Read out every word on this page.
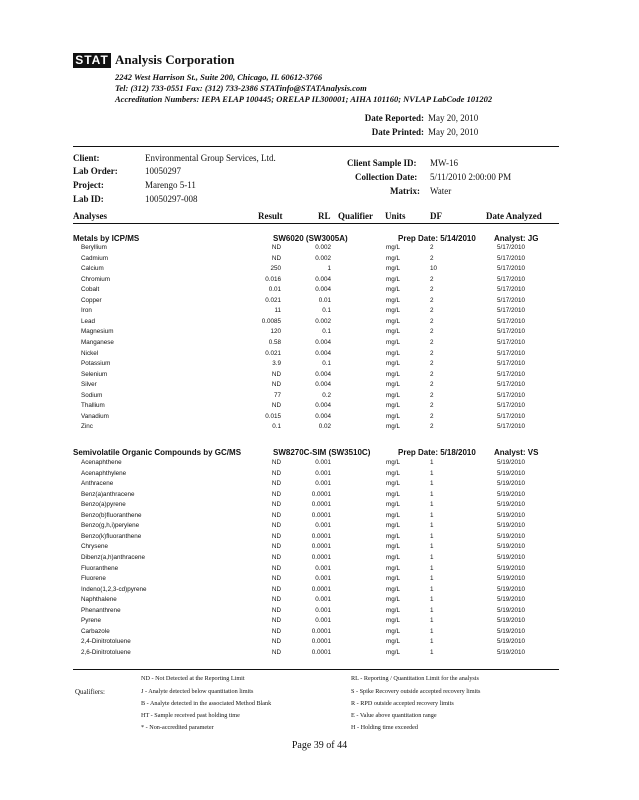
STAT Analysis Corporation
2242 West Harrison St., Suite 200, Chicago, IL 60612-3766
Tel: (312) 733-0551 Fax: (312) 733-2386 STATinfo@STATAnalysis.com
Accreditation Numbers: IEPA ELAP 100445; ORELAP IL300001; AIHA 101160; NVLAP LabCode 101202
Date Reported: May 20, 2010
Date Printed: May 20, 2010
Client:	Environmental Group Services, Ltd.
Lab Order:	10050297
Project:	Marengo 5-11
Lab ID:	10050297-008
Client Sample ID: MW-16
Collection Date: 5/11/2010 2:00:00 PM
Matrix: Water
Analyses	Result	RL Qualifier Units	DF	Date Analyzed
Metals by ICP/MS	SW6020 (SW3005A)	Prep Date: 5/14/2010 Analyst: JG
Beryllium	ND	0.002	mg/L	2	5/17/2010
Cadmium	ND	0.002	mg/L	2	5/17/2010
Calcium	250	1	mg/L	10	5/17/2010
Chromium	0.016	0.004	mg/L	2	5/17/2010
Cobalt	0.01	0.004	mg/L	2	5/17/2010
Copper	0.021	0.01	mg/L	2	5/17/2010
Iron	11	0.1	mg/L	2	5/17/2010
Lead	0.0085	0.002	mg/L	2	5/17/2010
Magnesium	120	0.1	mg/L	2	5/17/2010
Manganese	0.58	0.004	mg/L	2	5/17/2010
Nickel	0.021	0.004	mg/L	2	5/17/2010
Potassium	3.9	0.1	mg/L	2	5/17/2010
Selenium	ND	0.004	mg/L	2	5/17/2010
Silver	ND	0.004	mg/L	2	5/17/2010
Sodium	77	0.2	mg/L	2	5/17/2010
Thallium	ND	0.004	mg/L	2	5/17/2010
Vanadium	0.015	0.004	mg/L	2	5/17/2010
Zinc	0.1	0.02	mg/L	2	5/17/2010
Semivolatile Organic Compounds by GC/MS	SW8270C-SIM (SW3510C)	Prep Date: 5/18/2010 Analyst: VS
Acenaphthene	ND	0.001	mg/L	1	5/19/2010
Acenaphthylene	ND	0.001	mg/L	1	5/19/2010
Anthracene	ND	0.001	mg/L	1	5/19/2010
Benz(a)anthracene	ND	0.0001	mg/L	1	5/19/2010
Benzo(a)pyrene	ND	0.0001	mg/L	1	5/19/2010
Benzo(b)fluoranthene	ND	0.0001	mg/L	1	5/19/2010
Benzo(g,h,i)perylene	ND	0.001	mg/L	1	5/19/2010
Benzo(k)fluoranthene	ND	0.0001	mg/L	1	5/19/2010
Chrysene	ND	0.0001	mg/L	1	5/19/2010
Dibenz(a,h)anthracene	ND	0.0001	mg/L	1	5/19/2010
Fluoranthene	ND	0.001	mg/L	1	5/19/2010
Fluorene	ND	0.001	mg/L	1	5/19/2010
Indeno(1,2,3-cd)pyrene	ND	0.0001	mg/L	1	5/19/2010
Naphthalene	ND	0.001	mg/L	1	5/19/2010
Phenanthrene	ND	0.001	mg/L	1	5/19/2010
Pyrene	ND	0.001	mg/L	1	5/19/2010
Carbazole	ND	0.0001	mg/L	1	5/19/2010
2,4-Dinitrotoluene	ND	0.0001	mg/L	1	5/19/2010
2,6-Dinitrotoluene	ND	0.0001	mg/L	1	5/19/2010
ND - Not Detected at the Reporting Limit	RL - Reporting / Quantitation Limit for the analysis
Qualifiers:	J - Analyte detected below quantitation limits	S - Spike Recovery outside accepted recovery limits
B - Analyte detected in the associated Method Blank	R - RPD outside accepted recovery limits
HT - Sample received past holding time	E - Value above quantitation range
* - Non-accredited parameter	H - Holding time exceeded
Page 39 of 44
